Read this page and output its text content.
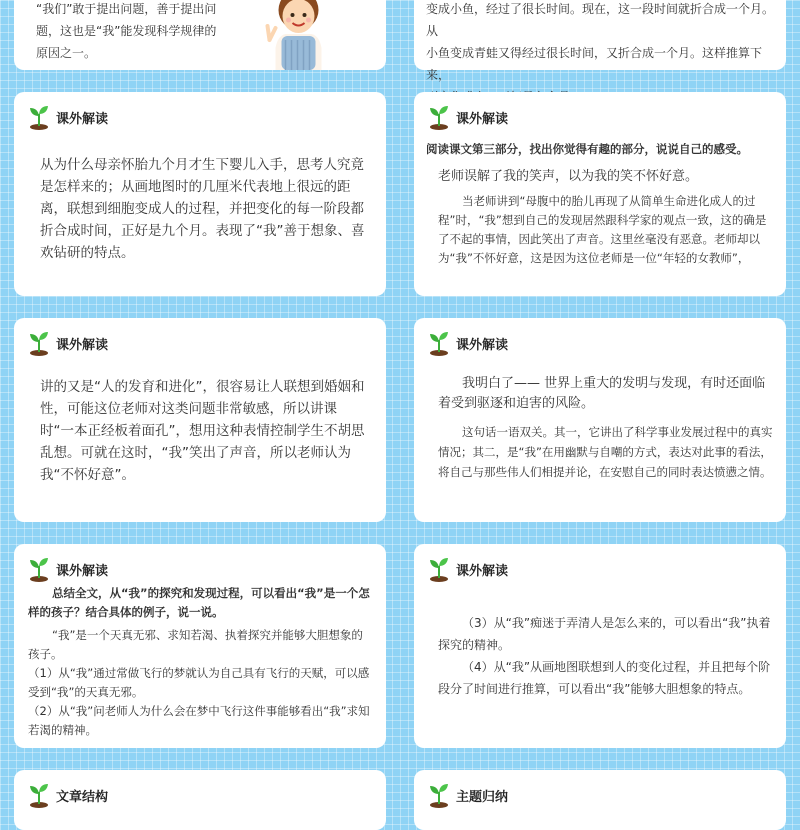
“我们”敢于提出问题，善于提出问

题，这也是“我”能发现科学规律的

原因之一。

变成小鱼，经过了很长时间。现在，这一段时间就折合成一个月。从

小鱼变成青蛙又得经过很长时间，又折合成一个月。这样推算下来，

课外解读
从为什么母亲怀胎九个月才生下婴儿入手，思考人究竟是怎样来的；从画地图时的几厘米代表地上很远的距离，联想到细胞变成人的过程，并把变化的每一阶段都折合成时间，正好是九个月。表现了“我”善于想象、喜欢钻研的特点。
课外解读
阅读课文第三部分，找出你觉得有趣的部分，说说自己的感受。
老师误解了我的笑声，以为我的笑不怀好意。
当老师讲到“母腹中的胎儿再现了从简单生命进化成人的过程”时，“我”想到自己的发现居然跟科学家的观点一致，这的确是了不起的事情，因此笑出了声音。这里丝毫没有恶意。老师却以为“我”不怀好意，这是因为这位老师是一位“年轻的女教师”，
课外解读
讲的又是“人的发育和进化”，很容易让人联想到婚姻和性，可能这位老师对这类问题非常敏感，所以讲课时“一本正经板着面孔”，想用这种表情控制学生不胡思乱想。可就在这时，“我”笑出了声音，所以老师认为我“不怀好意”。
课外解读
我明白了—— 世界上重大的发明与发现，有时还面临着受到驱逐和迫害的风险。
这句话一语双关。其一，它讲出了科学事业发展过程中的真实情况；其二，是“我”在用幽默与自嘲的方式，表达对此事的看法，将自己与那些伟人们相提并论，在安慰自己的同时表达愤懑之情。
课外解读
总结全文，从“我”的探究和发现过程，可以看出“我”是一个怎样的孩子？结合具体的例子，说一说。
“我”是一个天真无邪、求知若渴、执着探究并能够大胆想象的孩子。
（1）从“我”通过常做飞行的梦就认为自己具有飞行的天赋，可以感受到“我”的天真无邪。
（2）从“我”问老师人为什么会在梦中飞行这件事能够看出“我”求知若渴的精神。
课外解读
（3）从“我”痴迷于弄清人是怎么来的，可以看出“我”执着探究的精神。
（4）从“我”从画地图联想到人的变化过程，并且把每个阶段分了时间进行推算，可以看出“我”能够大胆想象的特点。
文章结构	主题归纳
